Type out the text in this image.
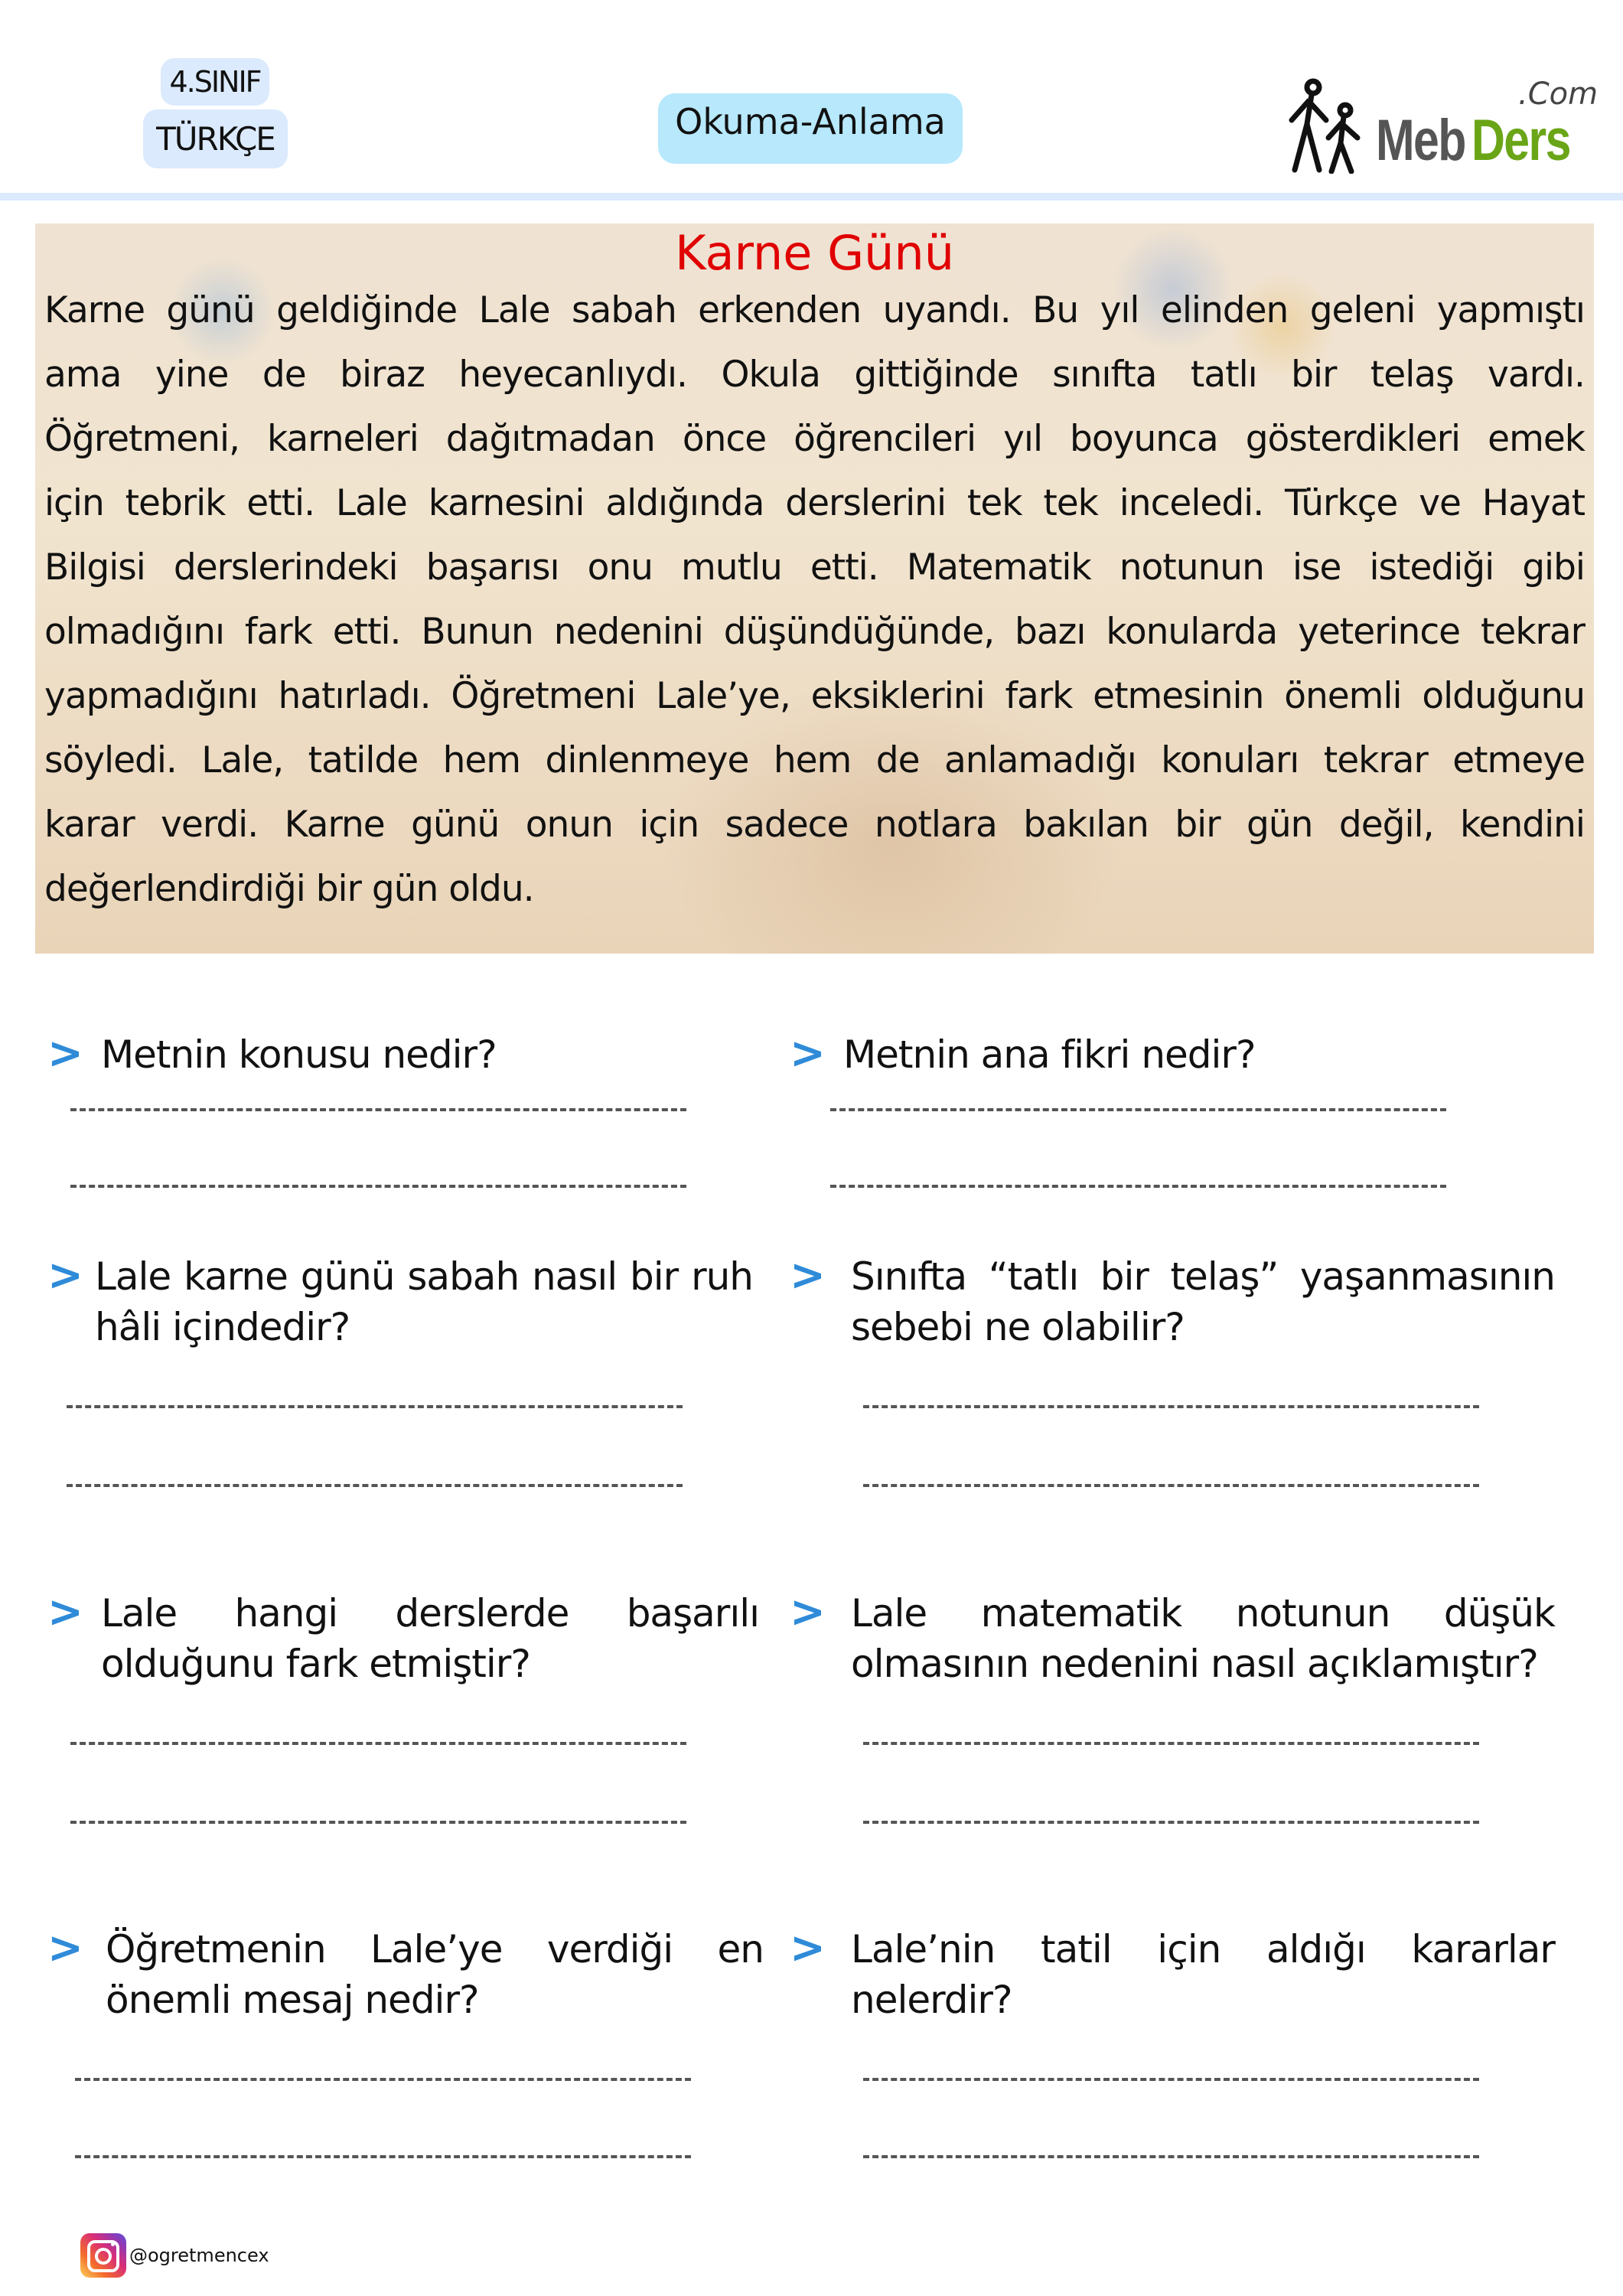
4.SINIF
TÜRKÇE	Okuma-Anlama	Meb Ders
.Com
Karne Günü
Karne günü geldiğinde Lale sabah erkenden uyandı. Bu yıl elinden geleni yapmıştı
ama yine de biraz heyecanlıydı. Okula gittiğinde sınıfta tatlı bir telaş vardı.
Öğretmeni, karneleri dağıtmadan önce öğrencileri yıl boyunca gösterdikleri emek
için tebrik etti. Lale karnesini aldığında derslerini tek tek inceledi. Türkçe ve Hayat
Bilgisi derslerindeki başarısı onu mutlu etti. Matematik notunun ise istediği gibi
olmadığını fark etti. Bunun nedenini düşündüğünde, bazı konularda yeterince tekrar
yapmadığını hatırladı. Öğretmeni Lale’ye, eksiklerini fark etmesinin önemli olduğunu
söyledi. Lale, tatilde hem dinlenmeye hem de anlamadığı konuları tekrar etmeye
karar verdi. Karne günü onun için sadece notlara bakılan bir gün değil, kendini
değerlendirdiği bir gün oldu.
> Metnin konusu nedir?	> Metnin ana fikri nedir?
> Lale karne günü sabah nasıl bir ruh hâli içindedir?
> Sınıfta “tatlı bir telaş” yaşanmasının sebebi ne olabilir?
> Lale hangi derslerde başarılı olduğunu fark etmiştir?
> Lale matematik notunun düşük olmasının nedenini nasıl açıklamıştır?
> Öğretmenin Lale’ye verdiği en önemli mesaj nedir?
> Lale’nin tatil için aldığı kararlar nelerdir?
@ogretmencex
